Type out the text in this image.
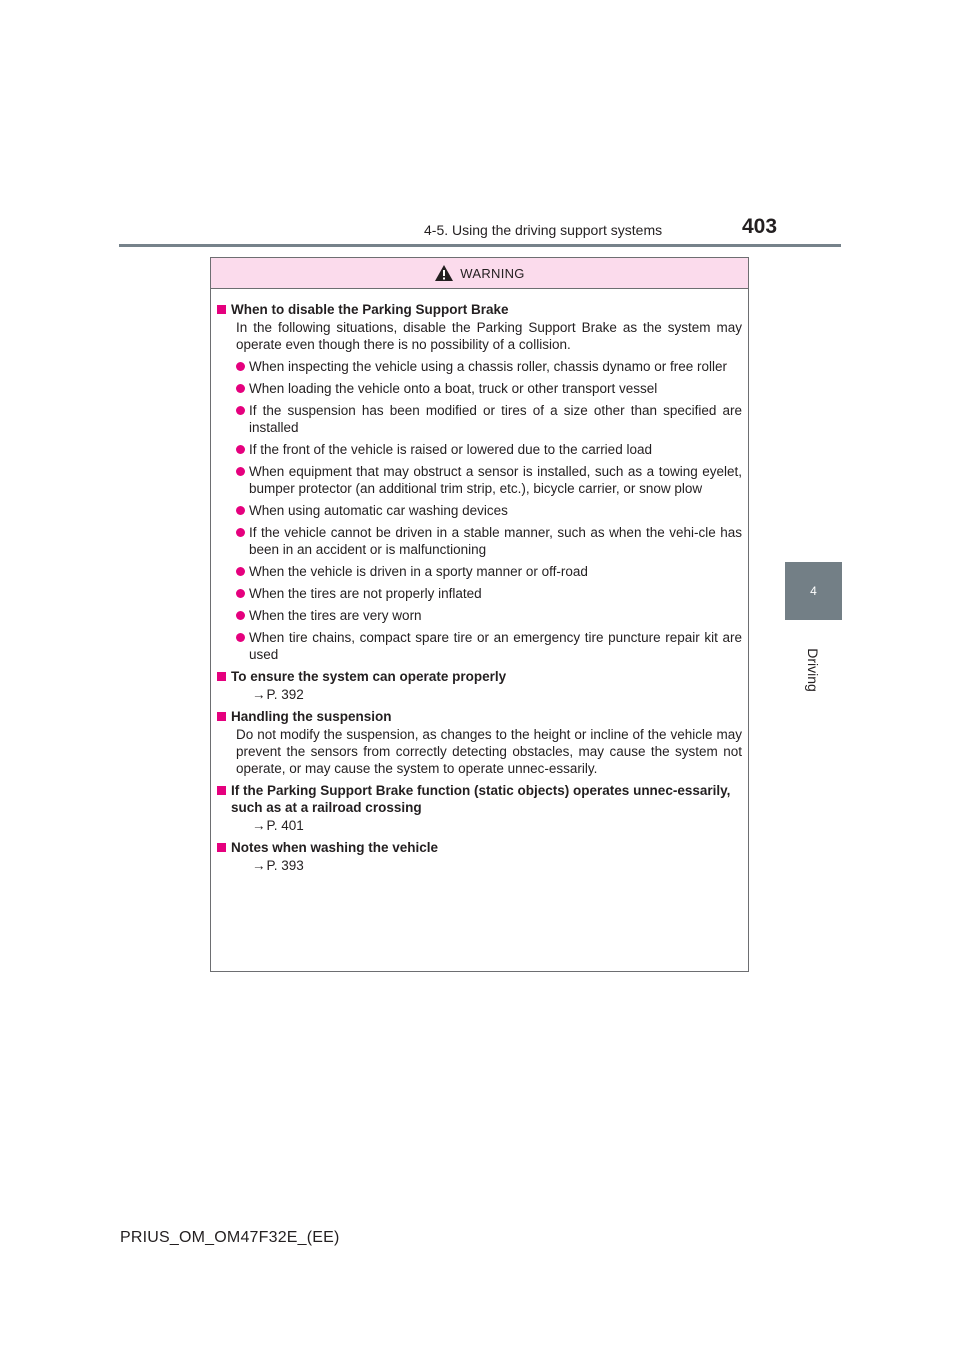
4-5. Using the driving support systems	403
4
Driving
WARNING
When to disable the Parking Support Brake
In the following situations, disable the Parking Support Brake as the system may operate even though there is no possibility of a collision.
When inspecting the vehicle using a chassis roller, chassis dynamo or free roller
When loading the vehicle onto a boat, truck or other transport vessel
If the suspension has been modified or tires of a size other than specified are installed
If the front of the vehicle is raised or lowered due to the carried load
When equipment that may obstruct a sensor is installed, such as a towing eyelet, bumper protector (an additional trim strip, etc.), bicycle carrier, or snow plow
When using automatic car washing devices
If the vehicle cannot be driven in a stable manner, such as when the vehi-cle has been in an accident or is malfunctioning
When the vehicle is driven in a sporty manner or off-road
When the tires are not properly inflated
When the tires are very worn
When tire chains, compact spare tire or an emergency tire puncture repair kit are used
To ensure the system can operate properly
→P. 392
Handling the suspension
Do not modify the suspension, as changes to the height or incline of the vehicle may prevent the sensors from correctly detecting obstacles, may cause the system not operate, or may cause the system to operate unnec-essarily.
If the Parking Support Brake function (static objects) operates unnec-essarily, such as at a railroad crossing
→P. 401
Notes when washing the vehicle
→P. 393
PRIUS_OM_OM47F32E_(EE)
